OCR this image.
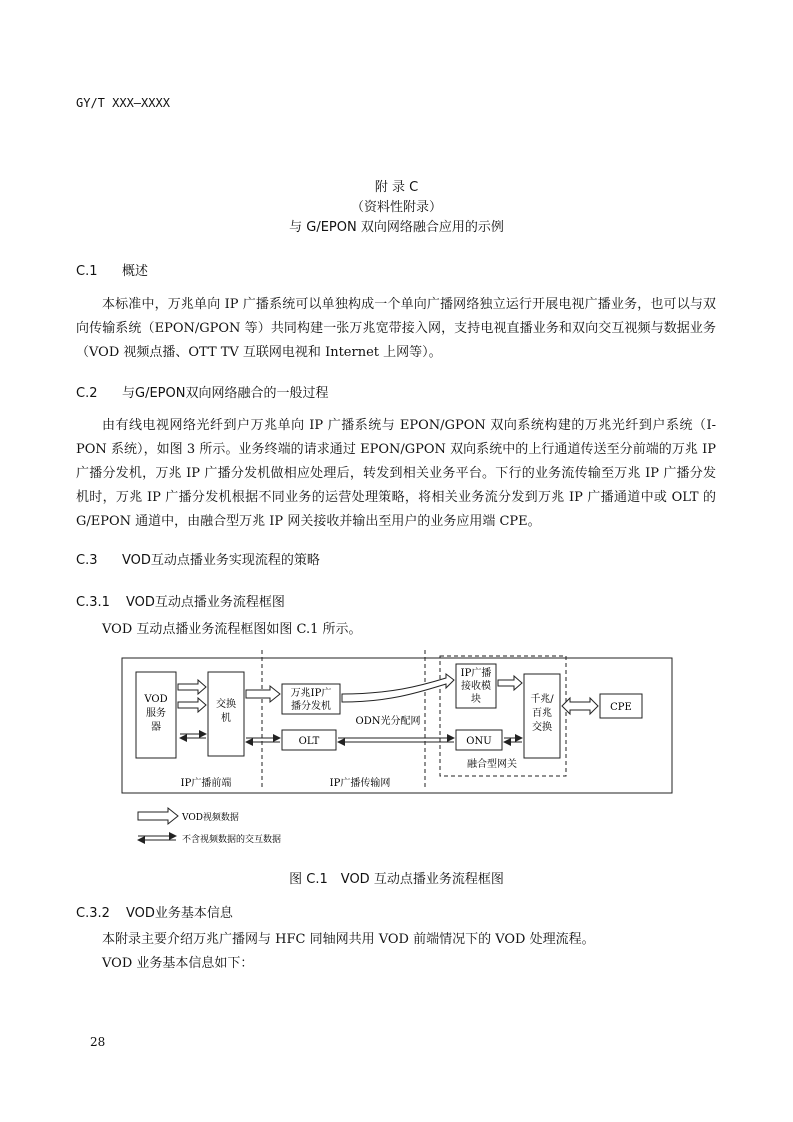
GY/T XXX—XXXX
附 录 C
（资料性附录）
与 G/EPON 双向网络融合应用的示例
C.1 概述

本标准中，万兆单向 IP 广播系统可以单独构成一个单向广播网络独立运行开展电视广播业务，也可以与双向传输系统（EPON/GPON 等）共同构建一张万兆宽带接入网，支持电视直播业务和双向交互视频与数据业务（VOD 视频点播、OTT TV 互联网电视和 Internet 上网等）。

C.2 与G/EPON双向网络融合的一般过程

由有线电视网络光纤到户万兆单向 IP 广播系统与 EPON/GPON 双向系统构建的万兆光纤到户系统（I-PON 系统），如图 3 所示。业务终端的请求通过 EPON/GPON 双向系统中的上行通道传送至分前端的万兆 IP 广播分发机，万兆 IP 广播分发机做相应处理后，转发到相关业务平台。下行的业务流传输至万兆 IP 广播分发机时，万兆 IP 广播分发机根据不同业务的运营处理策略，将相关业务流分发到万兆 IP 广播通道中或 OLT 的 G/EPON 通道中，由融合型万兆 IP 网关接收并输出至用户的业务应用端 CPE。

C.3 VOD互动点播业务实现流程的策略
C.3.1 VOD互动点播业务流程框图

VOD 互动点播业务流程框图如图 C.1 所示。

VOD
服务
器
交换
机
万兆IP广
播分发机
OLT
ODN光分配网
IP广播
接收模
块
ONU
千兆/
百兆
交换
CPE
融合型网关
IP广播前端	IP广播传输网
VOD视频数据
不含视频数据的交互数据
图 C.1　VOD 互动点播业务流程框图
C.3.2 VOD业务基本信息

本附录主要介绍万兆广播网与 HFC 同轴网共用 VOD 前端情况下的 VOD 处理流程。

VOD 业务基本信息如下：

28
